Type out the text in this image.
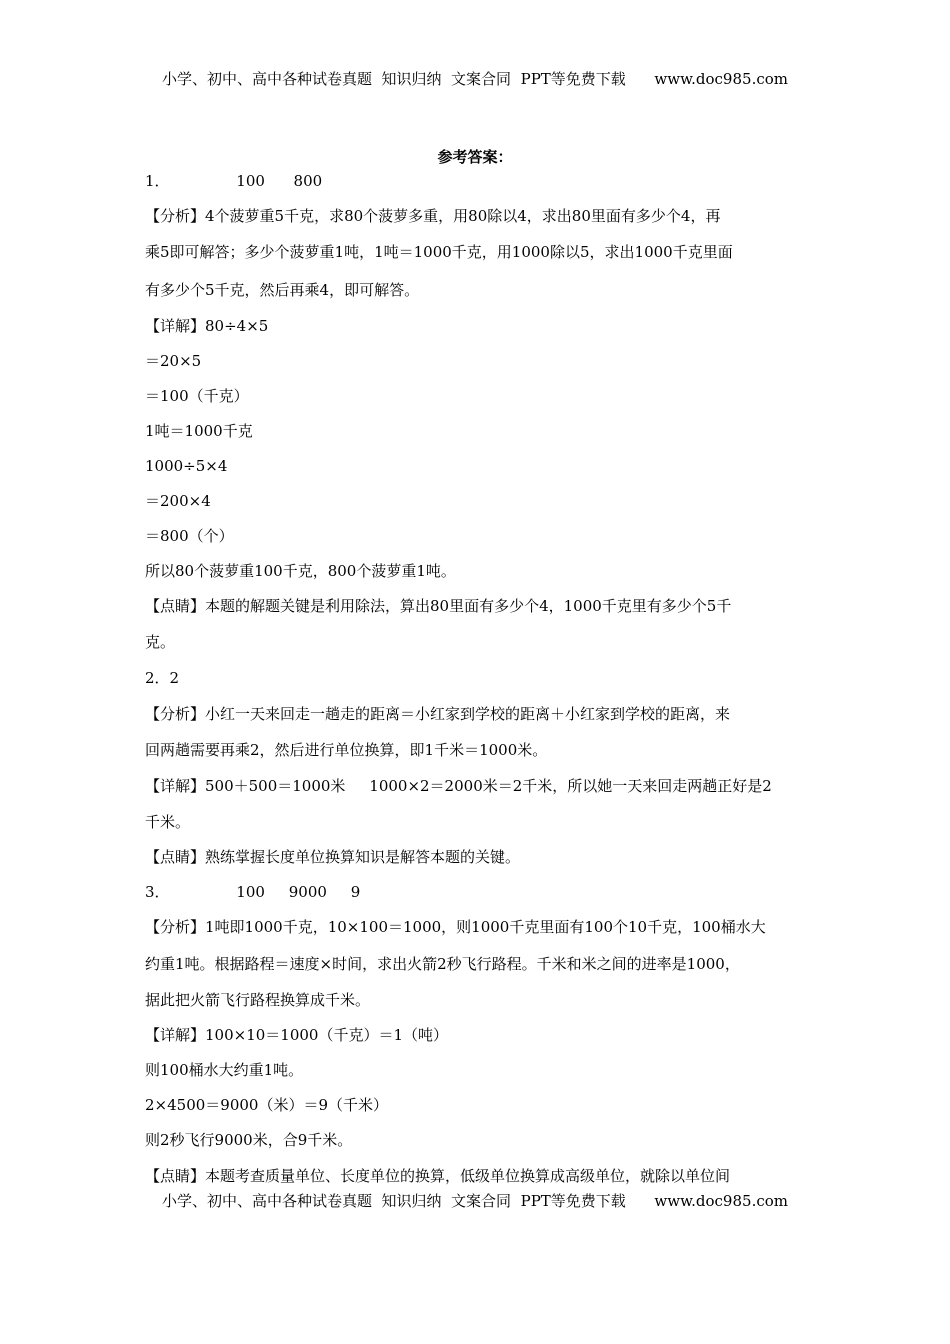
小学、初中、高中各种试卷真题  知识归纳  文案合同  PPT等免费下载      www.doc985.com
参考答案：
1．              100      800
【分析】4个菠萝重5千克，求80个菠萝多重，用80除以4，求出80里面有多少个4，再
乘5即可解答；多少个菠萝重1吨，1吨＝1000千克，用1000除以5，求出1000千克里面
有多少个5千克，然后再乘4，即可解答。
【详解】80÷4×5
＝20×5
＝100（千克）
1吨＝1000千克
1000÷5×4
＝200×4
＝800（个）
所以80个菠萝重100千克，800个菠萝重1吨。
【点睛】本题的解题关键是利用除法，算出80里面有多少个4，1000千克里有多少个5千
克。
2．2
【分析】小红一天来回走一趟走的距离＝小红家到学校的距离＋小红家到学校的距离，来
回两趟需要再乘2，然后进行单位换算，即1千米＝1000米。
【详解】500＋500＝1000米     1000×2＝2000米＝2千米，所以她一天来回走两趟正好是2
千米。
【点睛】熟练掌握长度单位换算知识是解答本题的关键。
3．              100     9000     9
【分析】1吨即1000千克，10×100＝1000，则1000千克里面有100个10千克，100桶水大
约重1吨。根据路程＝速度×时间，求出火箭2秒飞行路程。千米和米之间的进率是1000，
据此把火箭飞行路程换算成千米。
【详解】100×10＝1000（千克）＝1（吨）
则100桶水大约重1吨。
2×4500＝9000（米）＝9（千米）
则2秒飞行9000米，合9千米。
【点睛】本题考查质量单位、长度单位的换算，低级单位换算成高级单位，就除以单位间
小学、初中、高中各种试卷真题  知识归纳  文案合同  PPT等免费下载      www.doc985.com
